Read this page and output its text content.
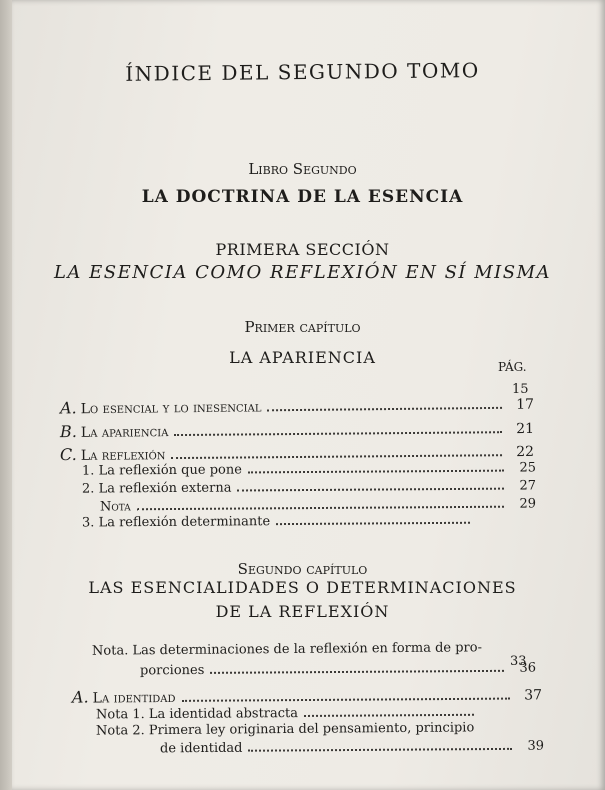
ÍNDICE DEL SEGUNDO TOMO
Libro Segundo
LA DOCTRINA DE LA ESENCIA
PRIMERA SECCIÓN
LA ESENCIA COMO REFLEXIÓN EN SÍ MISMA
Primer capítulo
LA APARIENCIA	PÁG.
15
A. Lo esencial y lo inesencial	17
B. La apariencia	21
C. La reflexión	22
1. La reflexión que pone	25
2. La reflexión externa	27
Nota	29
3. La reflexión determinante
Segundo capítulo
LAS ESENCIALIDADES O DETERMINACIONES
DE LA REFLEXIÓN
Nota. Las determinaciones de la reflexión en forma de pro-
33
porciones	36
A. La identidad	37
Nota 1. La identidad abstracta
Nota 2. Primera ley originaria del pensamiento, principio
de identidad	39
